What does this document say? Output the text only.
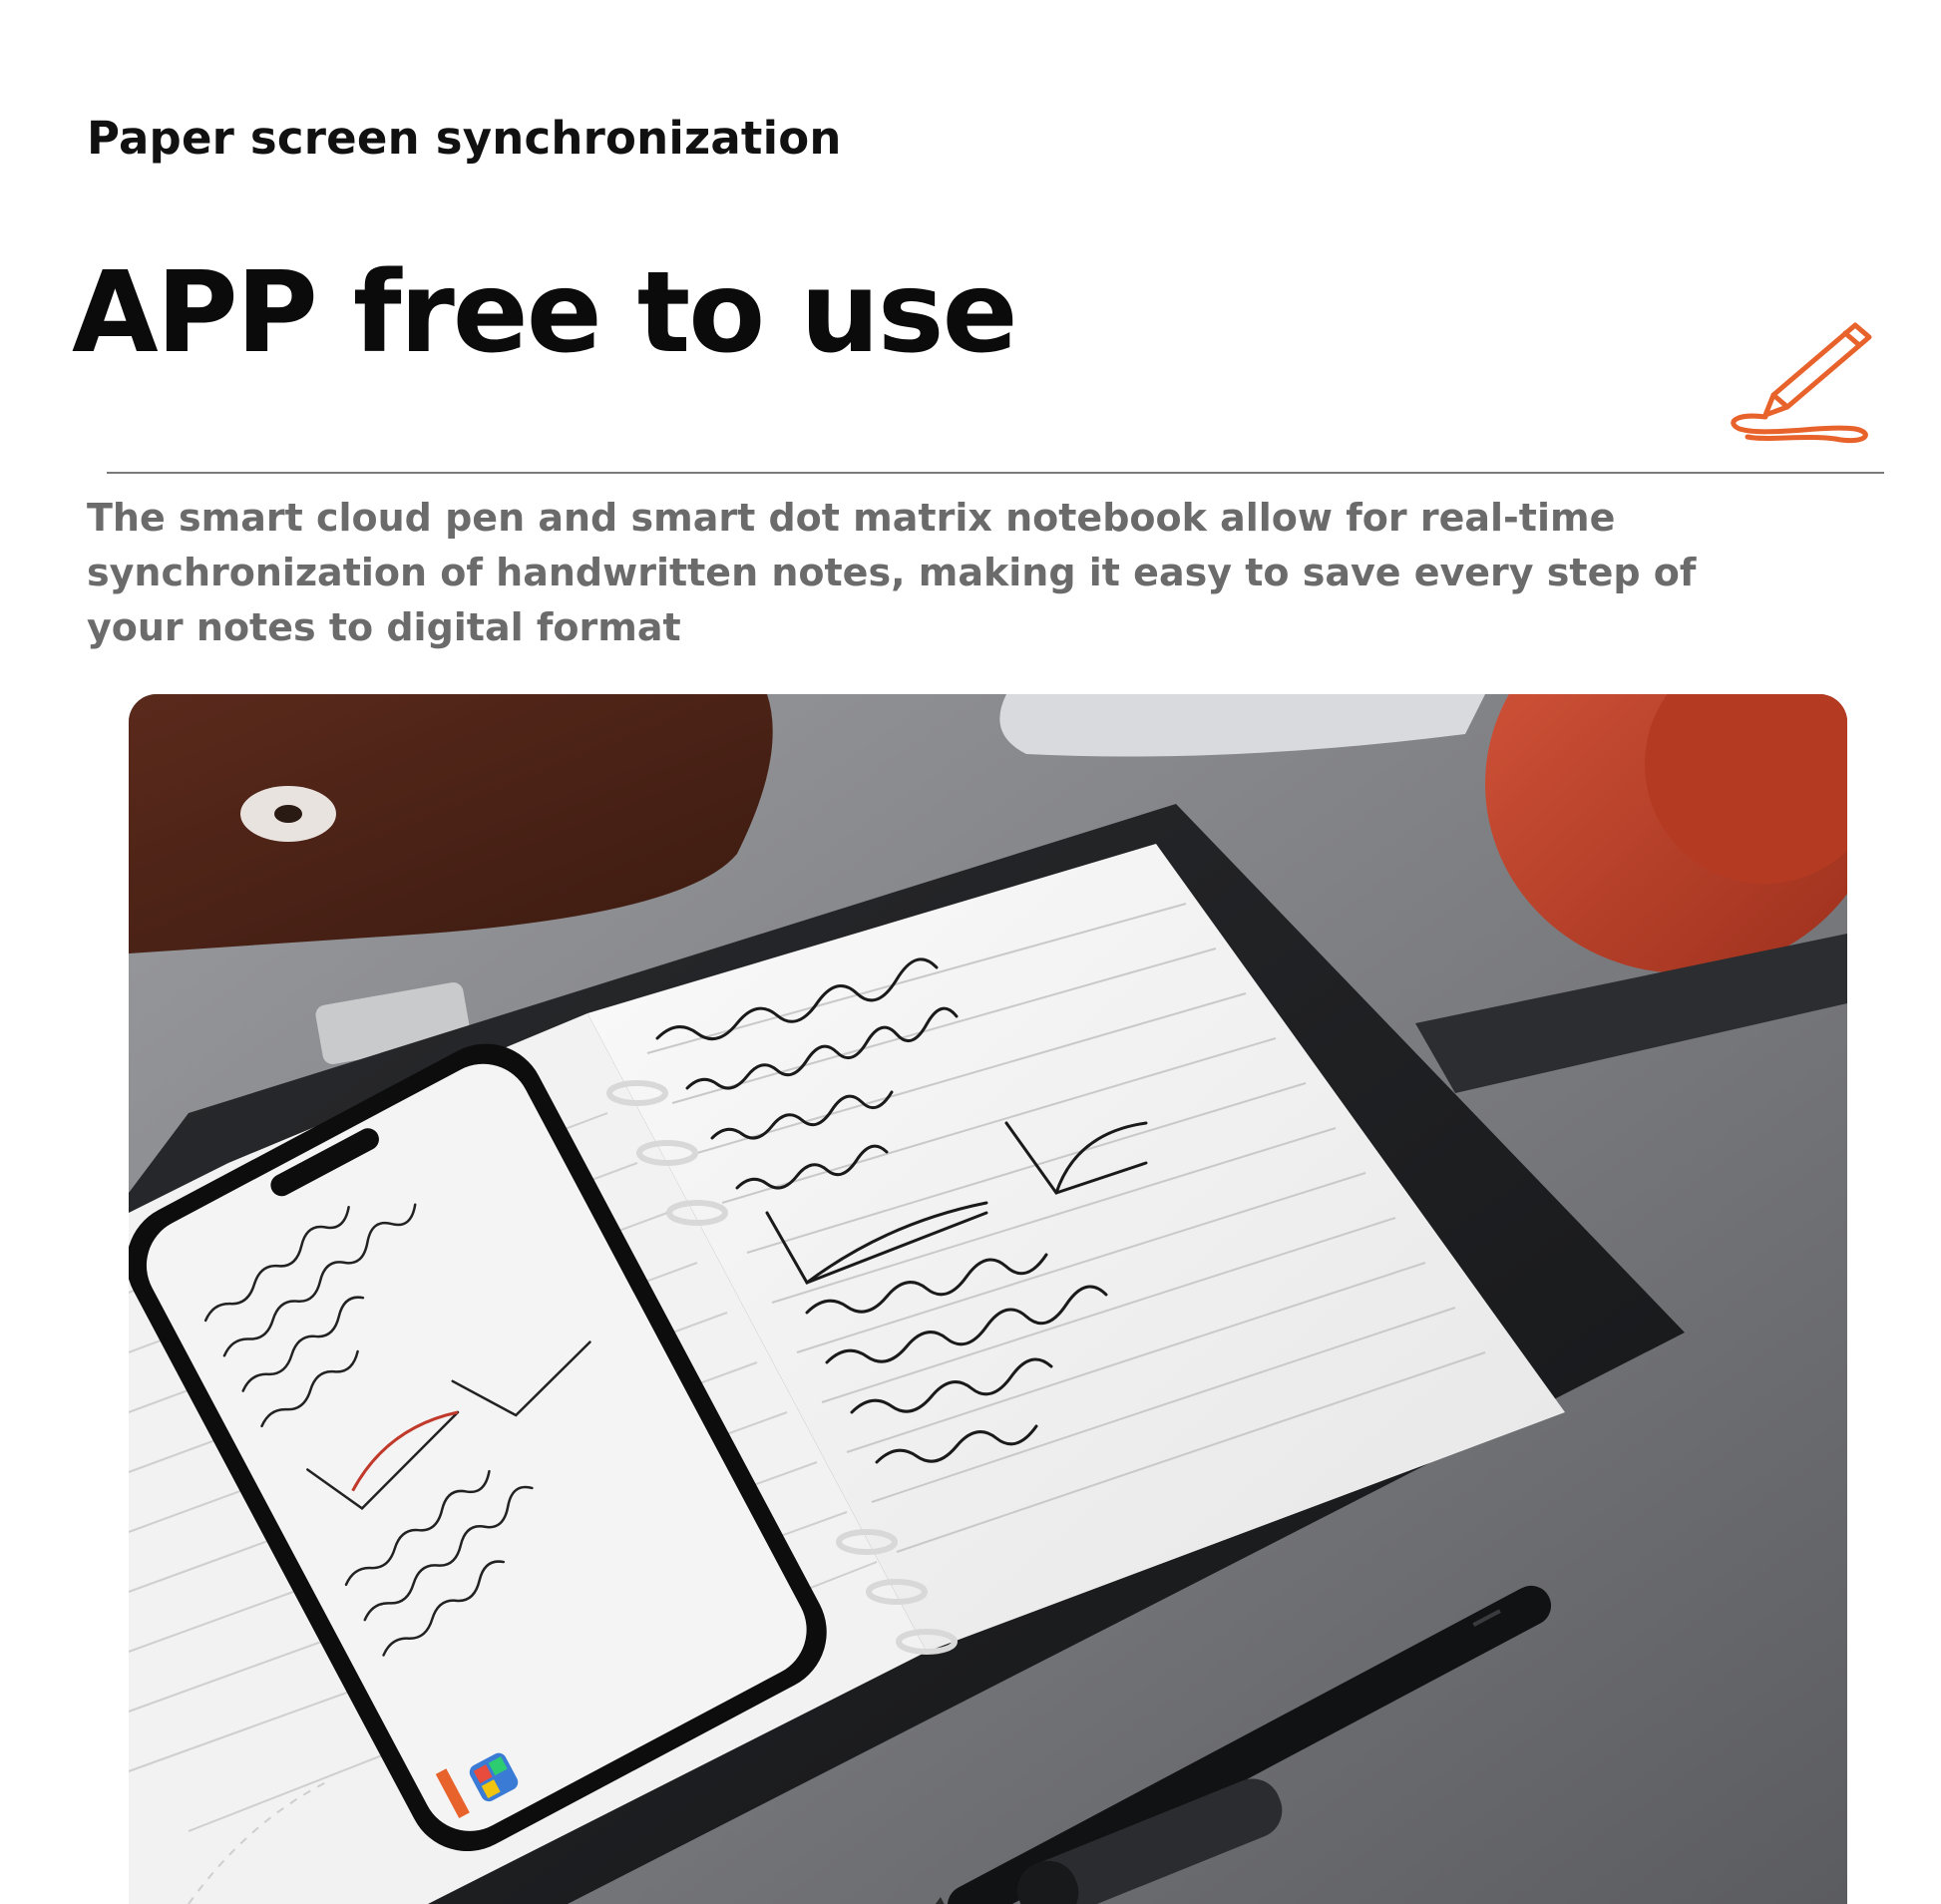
Paper screen synchronization
APP free to use
The smart cloud pen and smart dot matrix notebook allow for real-time synchronization of handwritten notes, making it easy to save every step of your notes to digital format
